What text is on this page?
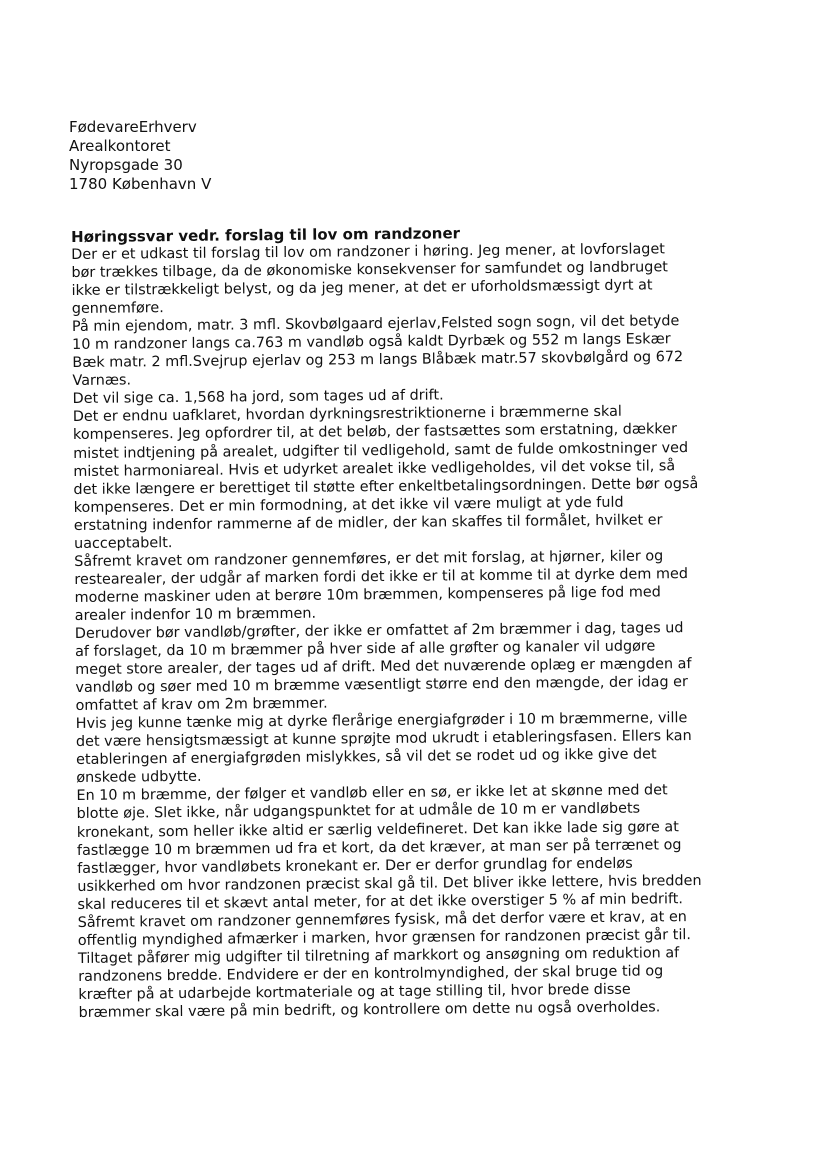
FødevareErhverv
Arealkontoret
Nyropsgade 30
1780 København V
Høringssvar vedr. forslag til lov om randzoner
Der er et udkast til forslag til lov om randzoner i høring. Jeg mener, at lovforslaget
bør trækkes tilbage, da de økonomiske konsekvenser for samfundet og landbruget
ikke er tilstrækkeligt belyst, og da jeg mener, at det er uforholdsmæssigt dyrt at
gennemføre.
På min ejendom, matr. 3 mfl. Skovbølgaard ejerlav,Felsted sogn sogn, vil det betyde
10 m randzoner langs ca.763 m vandløb også kaldt Dyrbæk og 552 m langs Eskær
Bæk matr. 2 mfl.Svejrup ejerlav og 253 m langs Blåbæk matr.57 skovbølgård og 672
Varnæs.
Det vil sige ca. 1,568 ha jord, som tages ud af drift.
Det er endnu uafklaret, hvordan dyrkningsrestriktionerne i bræmmerne skal
kompenseres. Jeg opfordrer til, at det beløb, der fastsættes som erstatning, dækker
mistet indtjening på arealet, udgifter til vedligehold, samt de fulde omkostninger ved
mistet harmoniareal. Hvis et udyrket arealet ikke vedligeholdes, vil det vokse til, så
det ikke længere er berettiget til støtte efter enkeltbetalingsordningen. Dette bør også
kompenseres. Det er min formodning, at det ikke vil være muligt at yde fuld
erstatning indenfor rammerne af de midler, der kan skaffes til formålet, hvilket er
uacceptabelt.
Såfremt kravet om randzoner gennemføres, er det mit forslag, at hjørner, kiler og
restearealer, der udgår af marken fordi det ikke er til at komme til at dyrke dem med
moderne maskiner uden at berøre 10m bræmmen, kompenseres på lige fod med
arealer indenfor 10 m bræmmen.
Derudover bør vandløb/grøfter, der ikke er omfattet af 2m bræmmer i dag, tages ud
af forslaget, da 10 m bræmmer på hver side af alle grøfter og kanaler vil udgøre
meget store arealer, der tages ud af drift. Med det nuværende oplæg er mængden af
vandløb og søer med 10 m bræmme væsentligt større end den mængde, der idag er
omfattet af krav om 2m bræmmer.
Hvis jeg kunne tænke mig at dyrke flerårige energiafgrøder i 10 m bræmmerne, ville
det være hensigtsmæssigt at kunne sprøjte mod ukrudt i etableringsfasen. Ellers kan
etableringen af energiafgrøden mislykkes, så vil det se rodet ud og ikke give det
ønskede udbytte.
En 10 m bræmme, der følger et vandløb eller en sø, er ikke let at skønne med det
blotte øje. Slet ikke, når udgangspunktet for at udmåle de 10 m er vandløbets
kronekant, som heller ikke altid er særlig veldefineret. Det kan ikke lade sig gøre at
fastlægge 10 m bræmmen ud fra et kort, da det kræver, at man ser på terrænet og
fastlægger, hvor vandløbets kronekant er. Der er derfor grundlag for endeløs
usikkerhed om hvor randzonen præcist skal gå til. Det bliver ikke lettere, hvis bredden
skal reduceres til et skævt antal meter, for at det ikke overstiger 5 % af min bedrift.
Såfremt kravet om randzoner gennemføres fysisk, må det derfor være et krav, at en
offentlig myndighed afmærker i marken, hvor grænsen for randzonen præcist går til.
Tiltaget påfører mig udgifter til tilretning af markkort og ansøgning om reduktion af
randzonens bredde. Endvidere er der en kontrolmyndighed, der skal bruge tid og
kræfter på at udarbejde kortmateriale og at tage stilling til, hvor brede disse
bræmmer skal være på min bedrift, og kontrollere om dette nu også overholdes.
